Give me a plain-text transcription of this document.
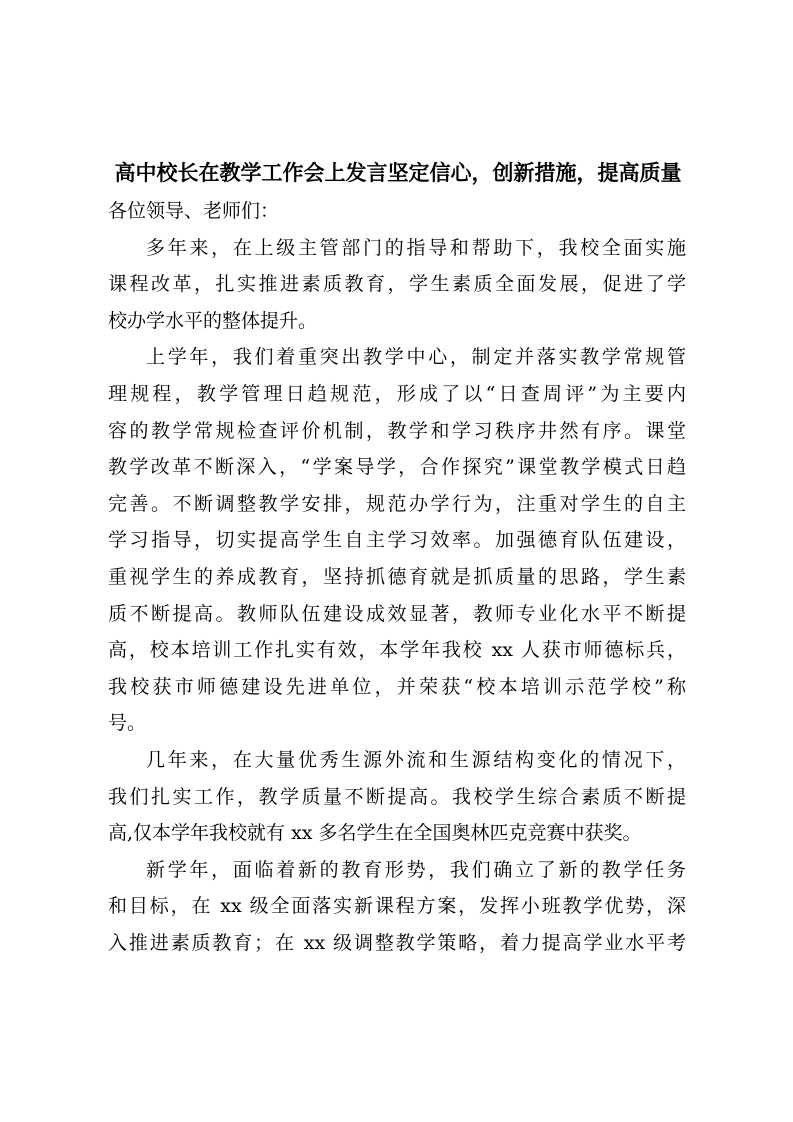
高中校长在教学工作会上发言坚定信心，创新措施，提高质量
各位领导、老师们：
多年来，在上级主管部门的指导和帮助下，我校全面实施
课程改革，扎实推进素质教育，学生素质全面发展，促进了学
校办学水平的整体提升。
上学年，我们着重突出教学中心，制定并落实教学常规管
理规程，教学管理日趋规范，形成了以“日查周评”为主要内
容的教学常规检查评价机制，教学和学习秩序井然有序。课堂
教学改革不断深入，“学案导学，合作探究”课堂教学模式日趋
完善。不断调整教学安排，规范办学行为，注重对学生的自主
学习指导，切实提高学生自主学习效率。加强德育队伍建设，
重视学生的养成教育，坚持抓德育就是抓质量的思路，学生素
质不断提高。教师队伍建设成效显著，教师专业化水平不断提
高，校本培训工作扎实有效，本学年我校 xx 人获市师德标兵，
我校获市师德建设先进单位，并荣获“校本培训示范学校”称
号。
几年来，在大量优秀生源外流和生源结构变化的情况下，
我们扎实工作，教学质量不断提高。我校学生综合素质不断提
高,仅本学年我校就有 xx 多名学生在全国奥林匹克竞赛中获奖。
新学年，面临着新的教育形势，我们确立了新的教学任务
和目标，在 xx 级全面落实新课程方案，发挥小班教学优势，深
入推进素质教育；在 xx 级调整教学策略，着力提高学业水平考
